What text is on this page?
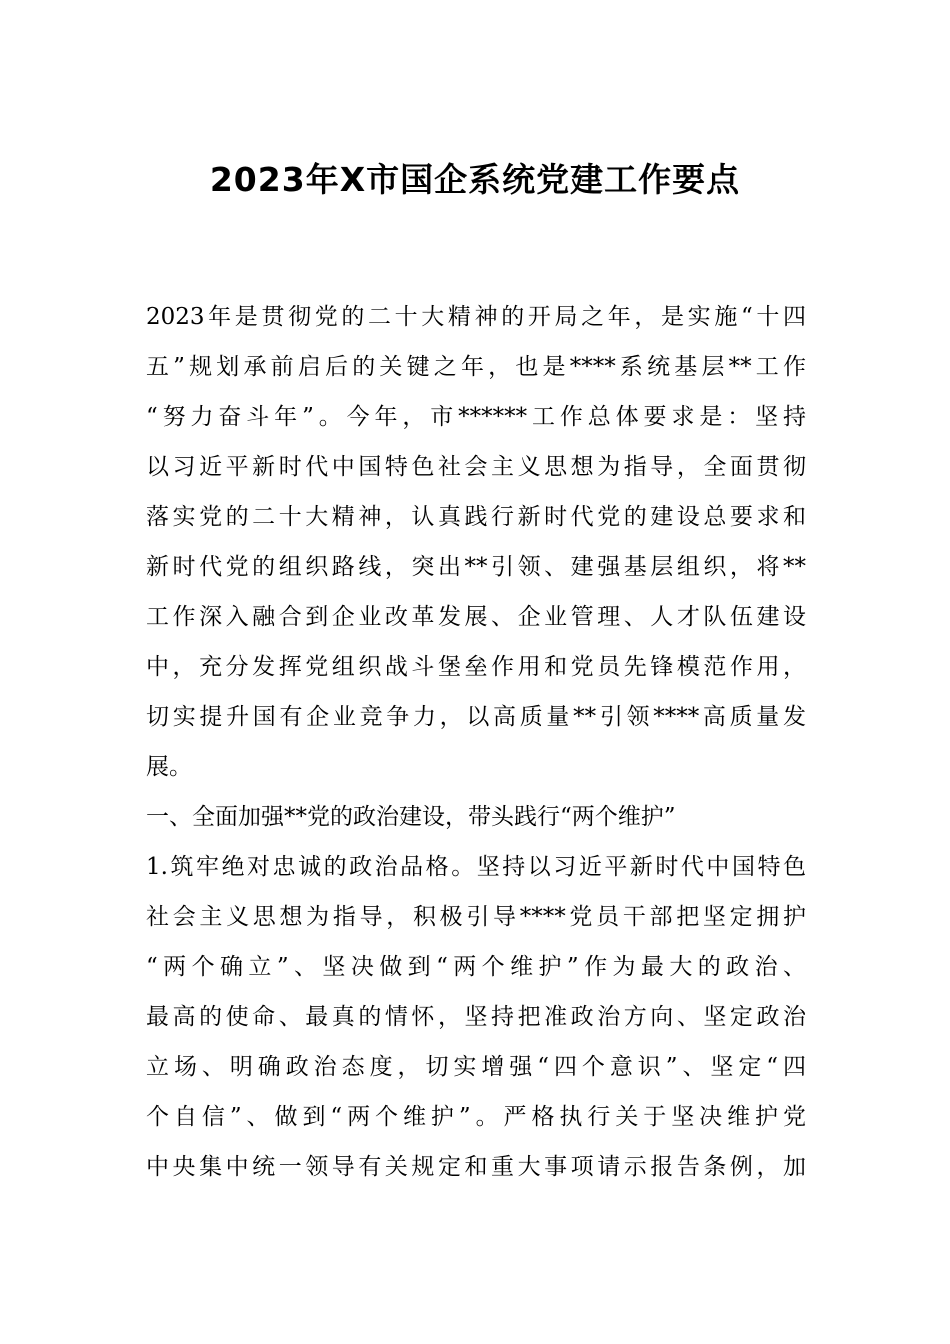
2023年X市国企系统党建工作要点
2023年是贯彻党的二十大精神的开局之年，是实施“十四
五”规划承前启后的关键之年，也是****系统基层**工作
“努力奋斗年”。今年，市******工作总体要求是：坚持
以习近平新时代中国特色社会主义思想为指导，全面贯彻
落实党的二十大精神，认真践行新时代党的建设总要求和
新时代党的组织路线，突出**引领、建强基层组织，将**
工作深入融合到企业改革发展、企业管理、人才队伍建设
中，充分发挥党组织战斗堡垒作用和党员先锋模范作用，
切实提升国有企业竞争力，以高质量**引领****高质量发
展。
一、全面加强**党的政治建设，带头践行“两个维护”
1.筑牢绝对忠诚的政治品格。坚持以习近平新时代中国特色
社会主义思想为指导，积极引导****党员干部把坚定拥护
“两个确立”、坚决做到“两个维护”作为最大的政治、
最高的使命、最真的情怀，坚持把准政治方向、坚定政治
立场、明确政治态度，切实增强“四个意识”、坚定“四
个自信”、做到“两个维护”。严格执行关于坚决维护党
中央集中统一领导有关规定和重大事项请示报告条例，加
